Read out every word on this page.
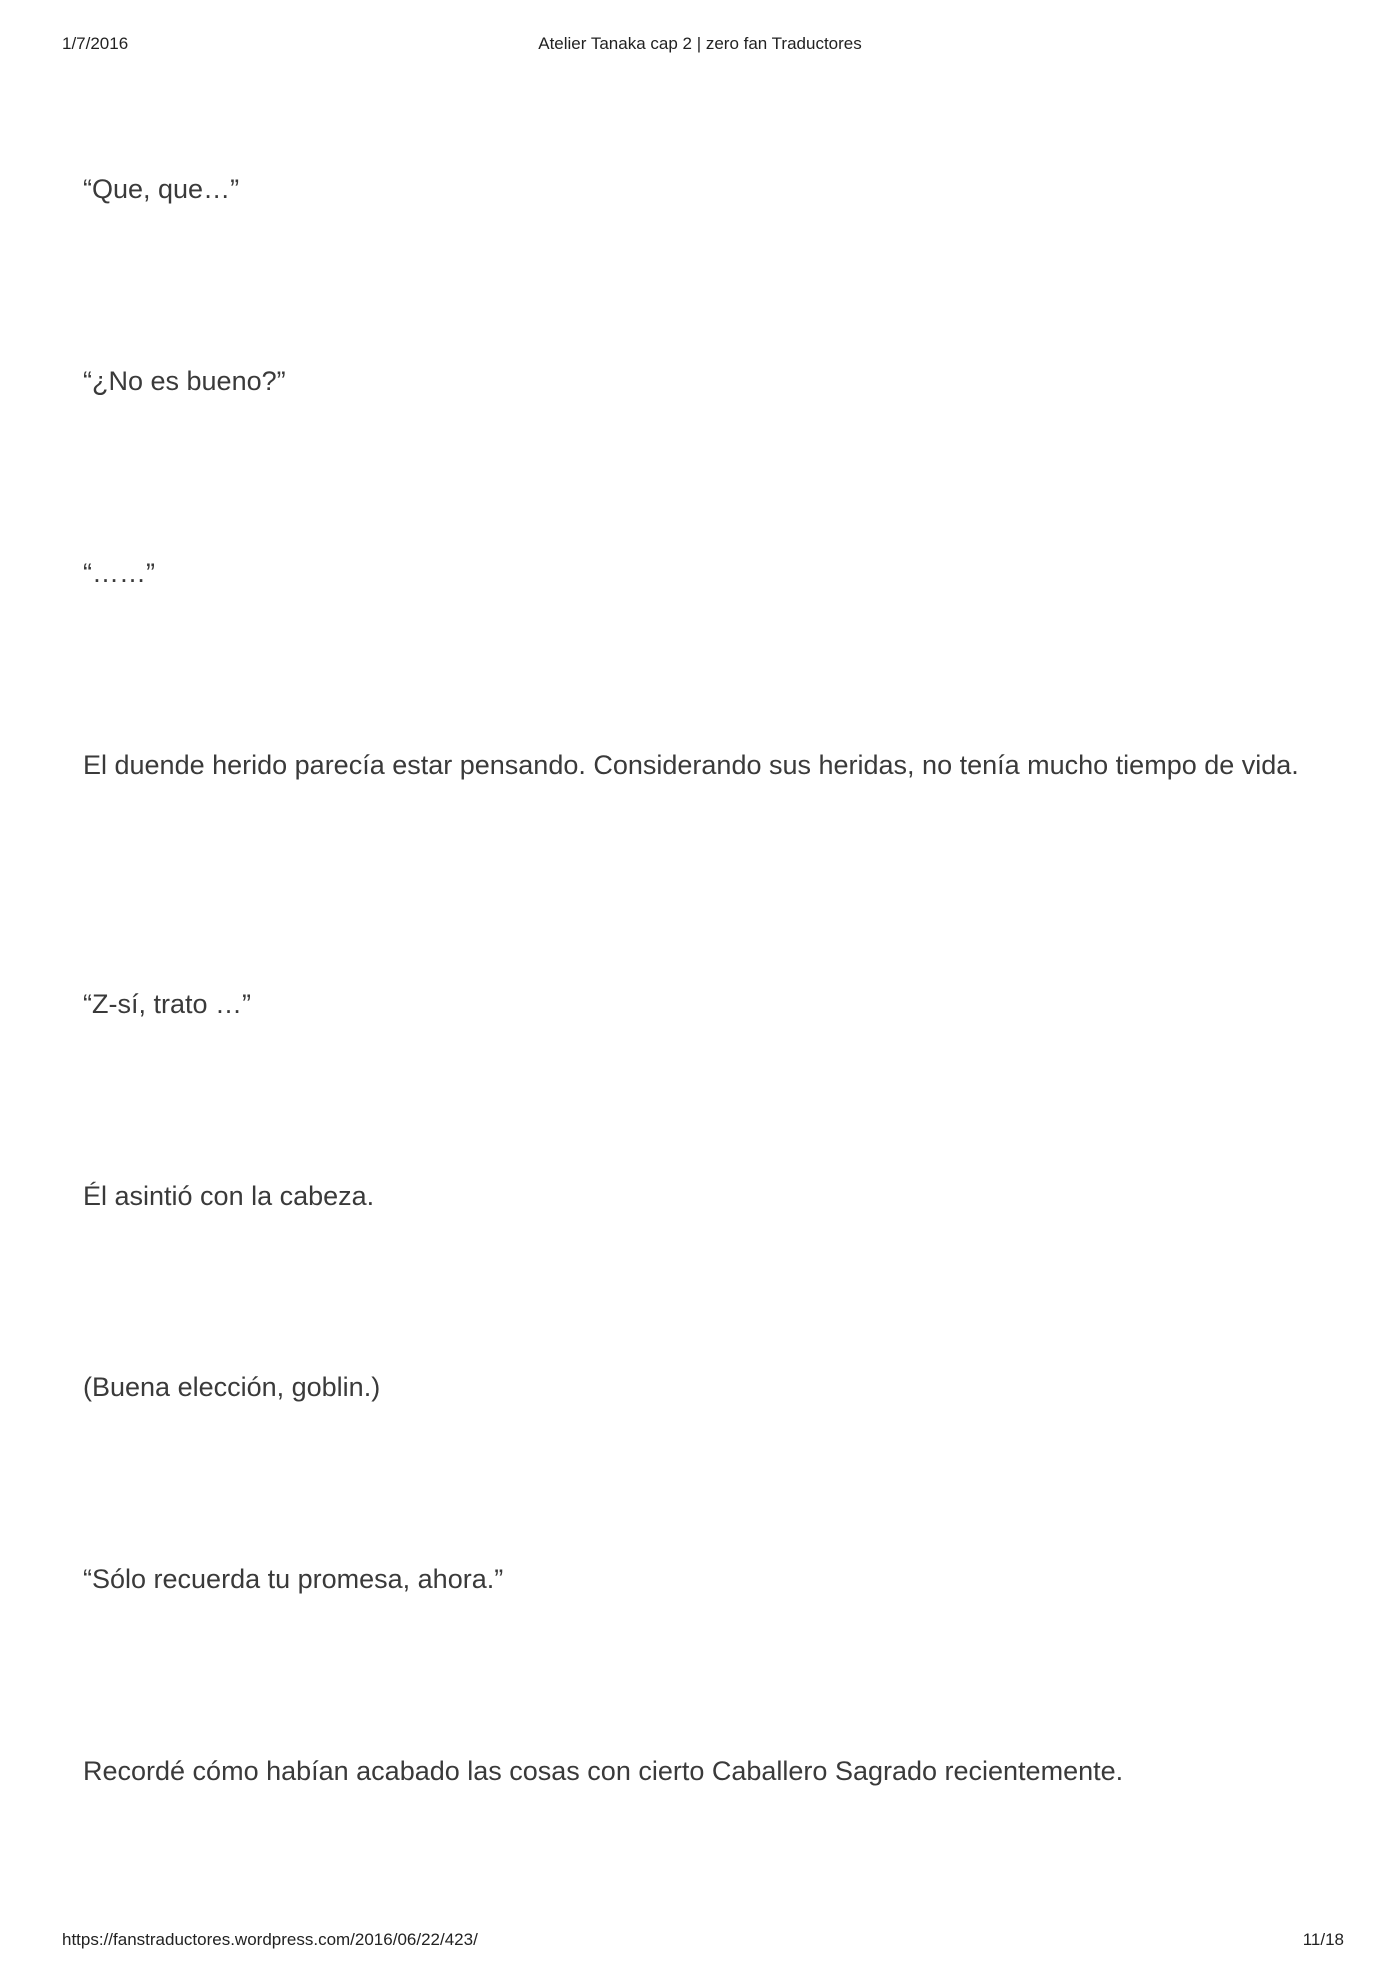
1/7/2016	Atelier Tanaka cap 2 | zero fan Traductores

“Que, que…”

“¿No es bueno?”

“……”

El duende herido parecía estar pensando. Considerando sus heridas, no tenía mucho tiempo de vida.

“Z-sí, trato …”

Él asintió con la cabeza.

(Buena elección, goblin.)

“Sólo recuerda tu promesa, ahora.”

Recordé cómo habían acabado las cosas con cierto Caballero Sagrado recientemente.

https://fanstraductores.wordpress.com/2016/06/22/423/	11/18
